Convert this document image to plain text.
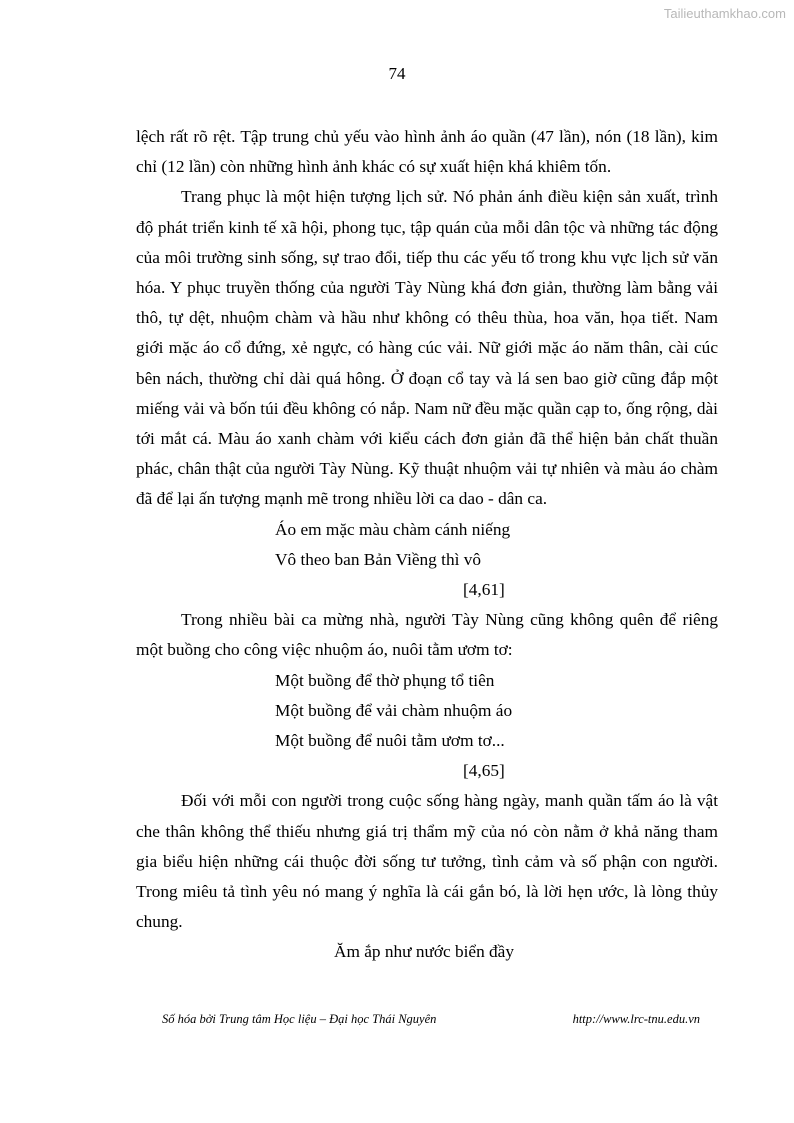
Tailieuthamkhao.com
74

lệch rất rõ rệt. Tập trung chủ yếu vào hình ảnh áo quần (47 lần), nón (18 lần), kim chỉ (12 lần) còn những hình ảnh khác có sự xuất hiện khá khiêm tốn.

Trang phục là một hiện tượng lịch sử. Nó phản ánh điều kiện sản xuất, trình độ phát triển kinh tế xã hội, phong tục, tập quán của mỗi dân tộc và những tác động của môi trường sinh sống, sự trao đổi, tiếp thu các yếu tố trong khu vực lịch sử văn hóa. Y phục truyền thống của người Tày Nùng khá đơn giản, thường làm bằng vải thô, tự dệt, nhuộm chàm và hầu như không có thêu thùa, hoa văn, họa tiết. Nam giới mặc áo cổ đứng, xẻ ngực, có hàng cúc vải. Nữ giới mặc áo năm thân, cài cúc bên nách, thường chỉ dài quá hông. Ở đoạn cổ tay và lá sen bao giờ cũng đắp một miếng vải và bốn túi đều không có nắp. Nam nữ đều mặc quần cạp to, ống rộng, dài tới mắt cá. Màu áo xanh chàm với kiểu cách đơn giản đã thể hiện bản chất thuần phác, chân thật của người Tày Nùng. Kỹ thuật nhuộm vải tự nhiên và màu áo chàm đã để lại ấn tượng mạnh mẽ trong nhiều lời ca dao - dân ca.

Áo em mặc màu chàm cánh niếng
Vô theo ban Bản Viềng thì vô
[4,61]

Trong nhiều bài ca mừng nhà, người Tày Nùng cũng không quên để riêng một buồng cho công việc nhuộm áo, nuôi tằm ươm tơ:

Một buồng để thờ phụng tổ tiên
Một buồng để vải chàm nhuộm áo
Một buồng để nuôi tằm ươm tơ...
[4,65]

Đối với mỗi con người trong cuộc sống hàng ngày, manh quần tấm áo là vật che thân không thể thiếu nhưng giá trị thẩm mỹ của nó còn nằm ở khả năng tham gia biểu hiện những cái thuộc đời sống tư tưởng, tình cảm và số phận con người. Trong miêu tả tình yêu nó mang ý nghĩa là cái gắn bó, là lời hẹn ước, là lòng thủy chung.

Ăm ắp như nước biển đầy
Số hóa bởi Trung tâm Học liệu – Đại học Thái Nguyên	http://www.lrc-tnu.edu.vn
